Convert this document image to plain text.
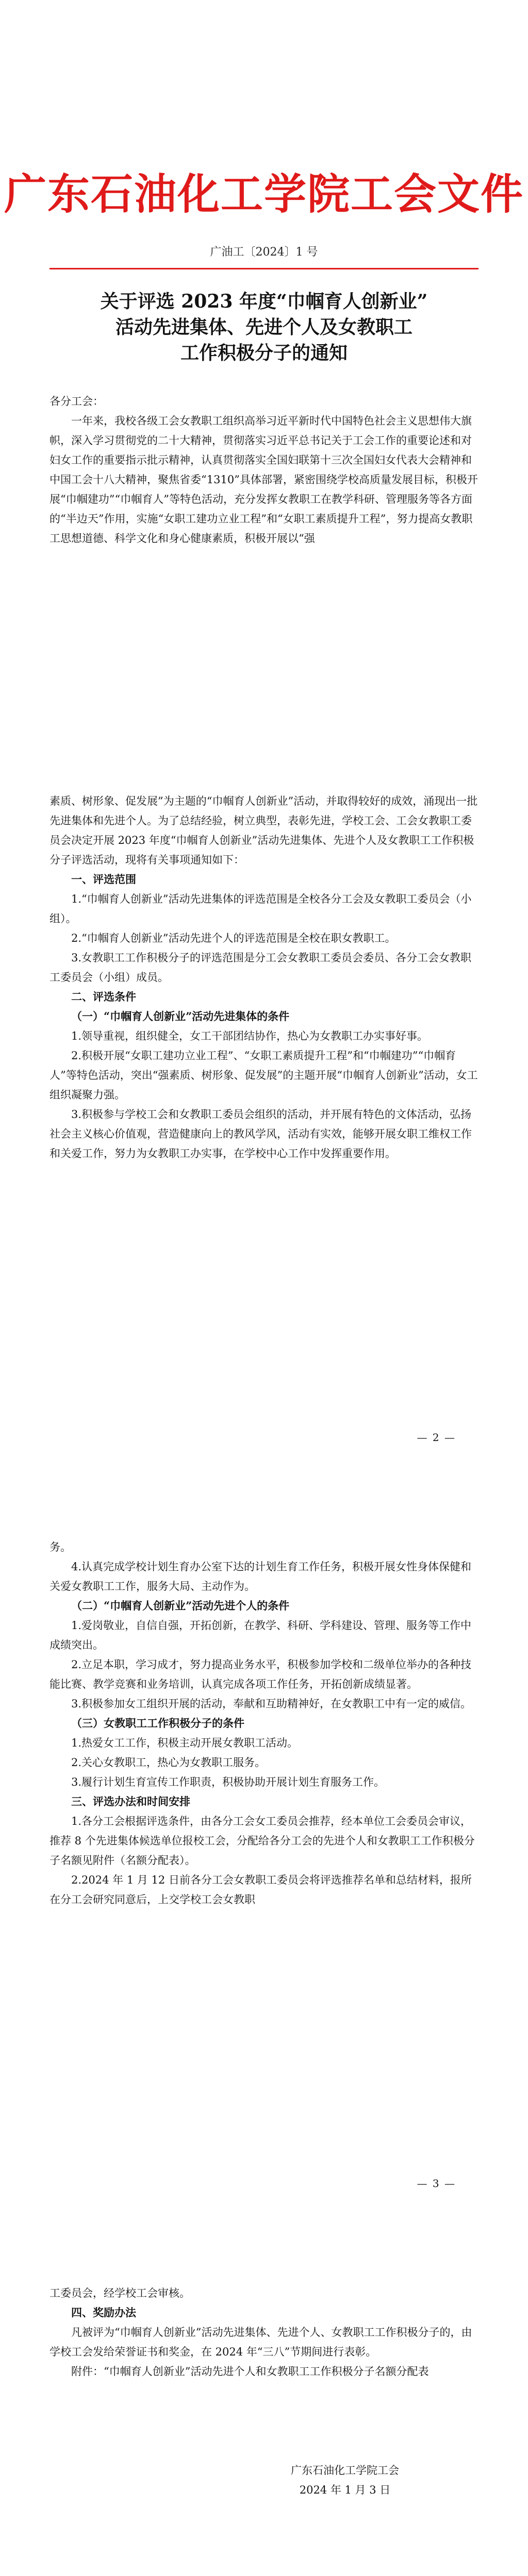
广东石油化工学院工会文件
广油工〔2024〕1 号
关于评选 2023 年度“巾帼育人创新业”
活动先进集体、先进个人及女教职工
工作积极分子的通知

各分工会：

一年来，我校各级工会女教职工组织高举习近平新时代中国特色社会主义思想伟大旗帜，深入学习贯彻党的二十大精神，贯彻落实习近平总书记关于工会工作的重要论述和对妇女工作的重要指示批示精神，认真贯彻落实全国妇联第十三次全国妇女代表大会精神和中国工会十八大精神，聚焦省委“1310”具体部署，紧密围绕学校高质量发展目标，积极开展“巾帼建功”“巾帼育人”等特色活动，充分发挥女教职工在教学科研、管理服务等各方面的“半边天”作用，实施“女职工建功立业工程”和“女职工素质提升工程”，努力提高女教职工思想道德、科学文化和身心健康素质，积极开展以“强

素质、树形象、促发展”为主题的“巾帼育人创新业”活动，并取得较好的成效，涌现出一批先进集体和先进个人。为了总结经验，树立典型，表彰先进，学校工会、工会女教职工委员会决定开展 2023 年度“巾帼育人创新业”活动先进集体、先进个人及女教职工工作积极分子评选活动，现将有关事项通知如下：

一、评选范围

1.“巾帼育人创新业”活动先进集体的评选范围是全校各分工会及女教职工委员会（小组）。

2.“巾帼育人创新业”活动先进个人的评选范围是全校在职女教职工。

3.女教职工工作积极分子的评选范围是分工会女教职工委员会委员、各分工会女教职工委员会（小组）成员。

二、评选条件

（一）“巾帼育人创新业”活动先进集体的条件

1.领导重视，组织健全，女工干部团结协作，热心为女教职工办实事好事。

2.积极开展“女职工建功立业工程”、“女职工素质提升工程”和“巾帼建功”“巾帼育人”等特色活动，突出“强素质、树形象、促发展”的主题开展“巾帼育人创新业”活动，女工组织凝聚力强。

3.积极参与学校工会和女教职工委员会组织的活动，并开展有特色的文体活动，弘扬社会主义核心价值观，营造健康向上的教风学风，活动有实效，能够开展女职工维权工作和关爱工作，努力为女教职工办实事，在学校中心工作中发挥重要作用。

— 2 —

务。

4.认真完成学校计划生育办公室下达的计划生育工作任务，积极开展女性身体保健和关爱女教职工工作，服务大局、主动作为。

（二）“巾帼育人创新业”活动先进个人的条件

1.爱岗敬业，自信自强，开拓创新，在教学、科研、学科建设、管理、服务等工作中成绩突出。

2.立足本职，学习成才，努力提高业务水平，积极参加学校和二级单位举办的各种技能比赛、教学竞赛和业务培训，认真完成各项工作任务，开拓创新成绩显著。

3.积极参加女工组织开展的活动，奉献和互助精神好，在女教职工中有一定的威信。

（三）女教职工工作积极分子的条件

1.热爱女工工作，积极主动开展女教职工活动。

2.关心女教职工，热心为女教职工服务。

3.履行计划生育宣传工作职责，积极协助开展计划生育服务工作。

三、评选办法和时间安排

1.各分工会根据评选条件，由各分工会女工委员会推荐，经本单位工会委员会审议，推荐 8 个先进集体候选单位报校工会，分配给各分工会的先进个人和女教职工工作积极分子名额见附件（名额分配表）。

2.2024 年 1 月 12 日前各分工会女教职工委员会将评选推荐名单和总结材料，报所在分工会研究同意后，上交学校工会女教职

— 3 —

工委员会，经学校工会审核。

四、奖励办法

凡被评为“巾帼育人创新业”活动先进集体、先进个人、女教职工工作积极分子的，由学校工会发给荣誉证书和奖金，在 2024 年“三八”节期间进行表彰。

附件：“巾帼育人创新业”活动先进个人和女教职工工作积极分子名额分配表

广东石油化工学院工会
2024 年 1 月 3 日
